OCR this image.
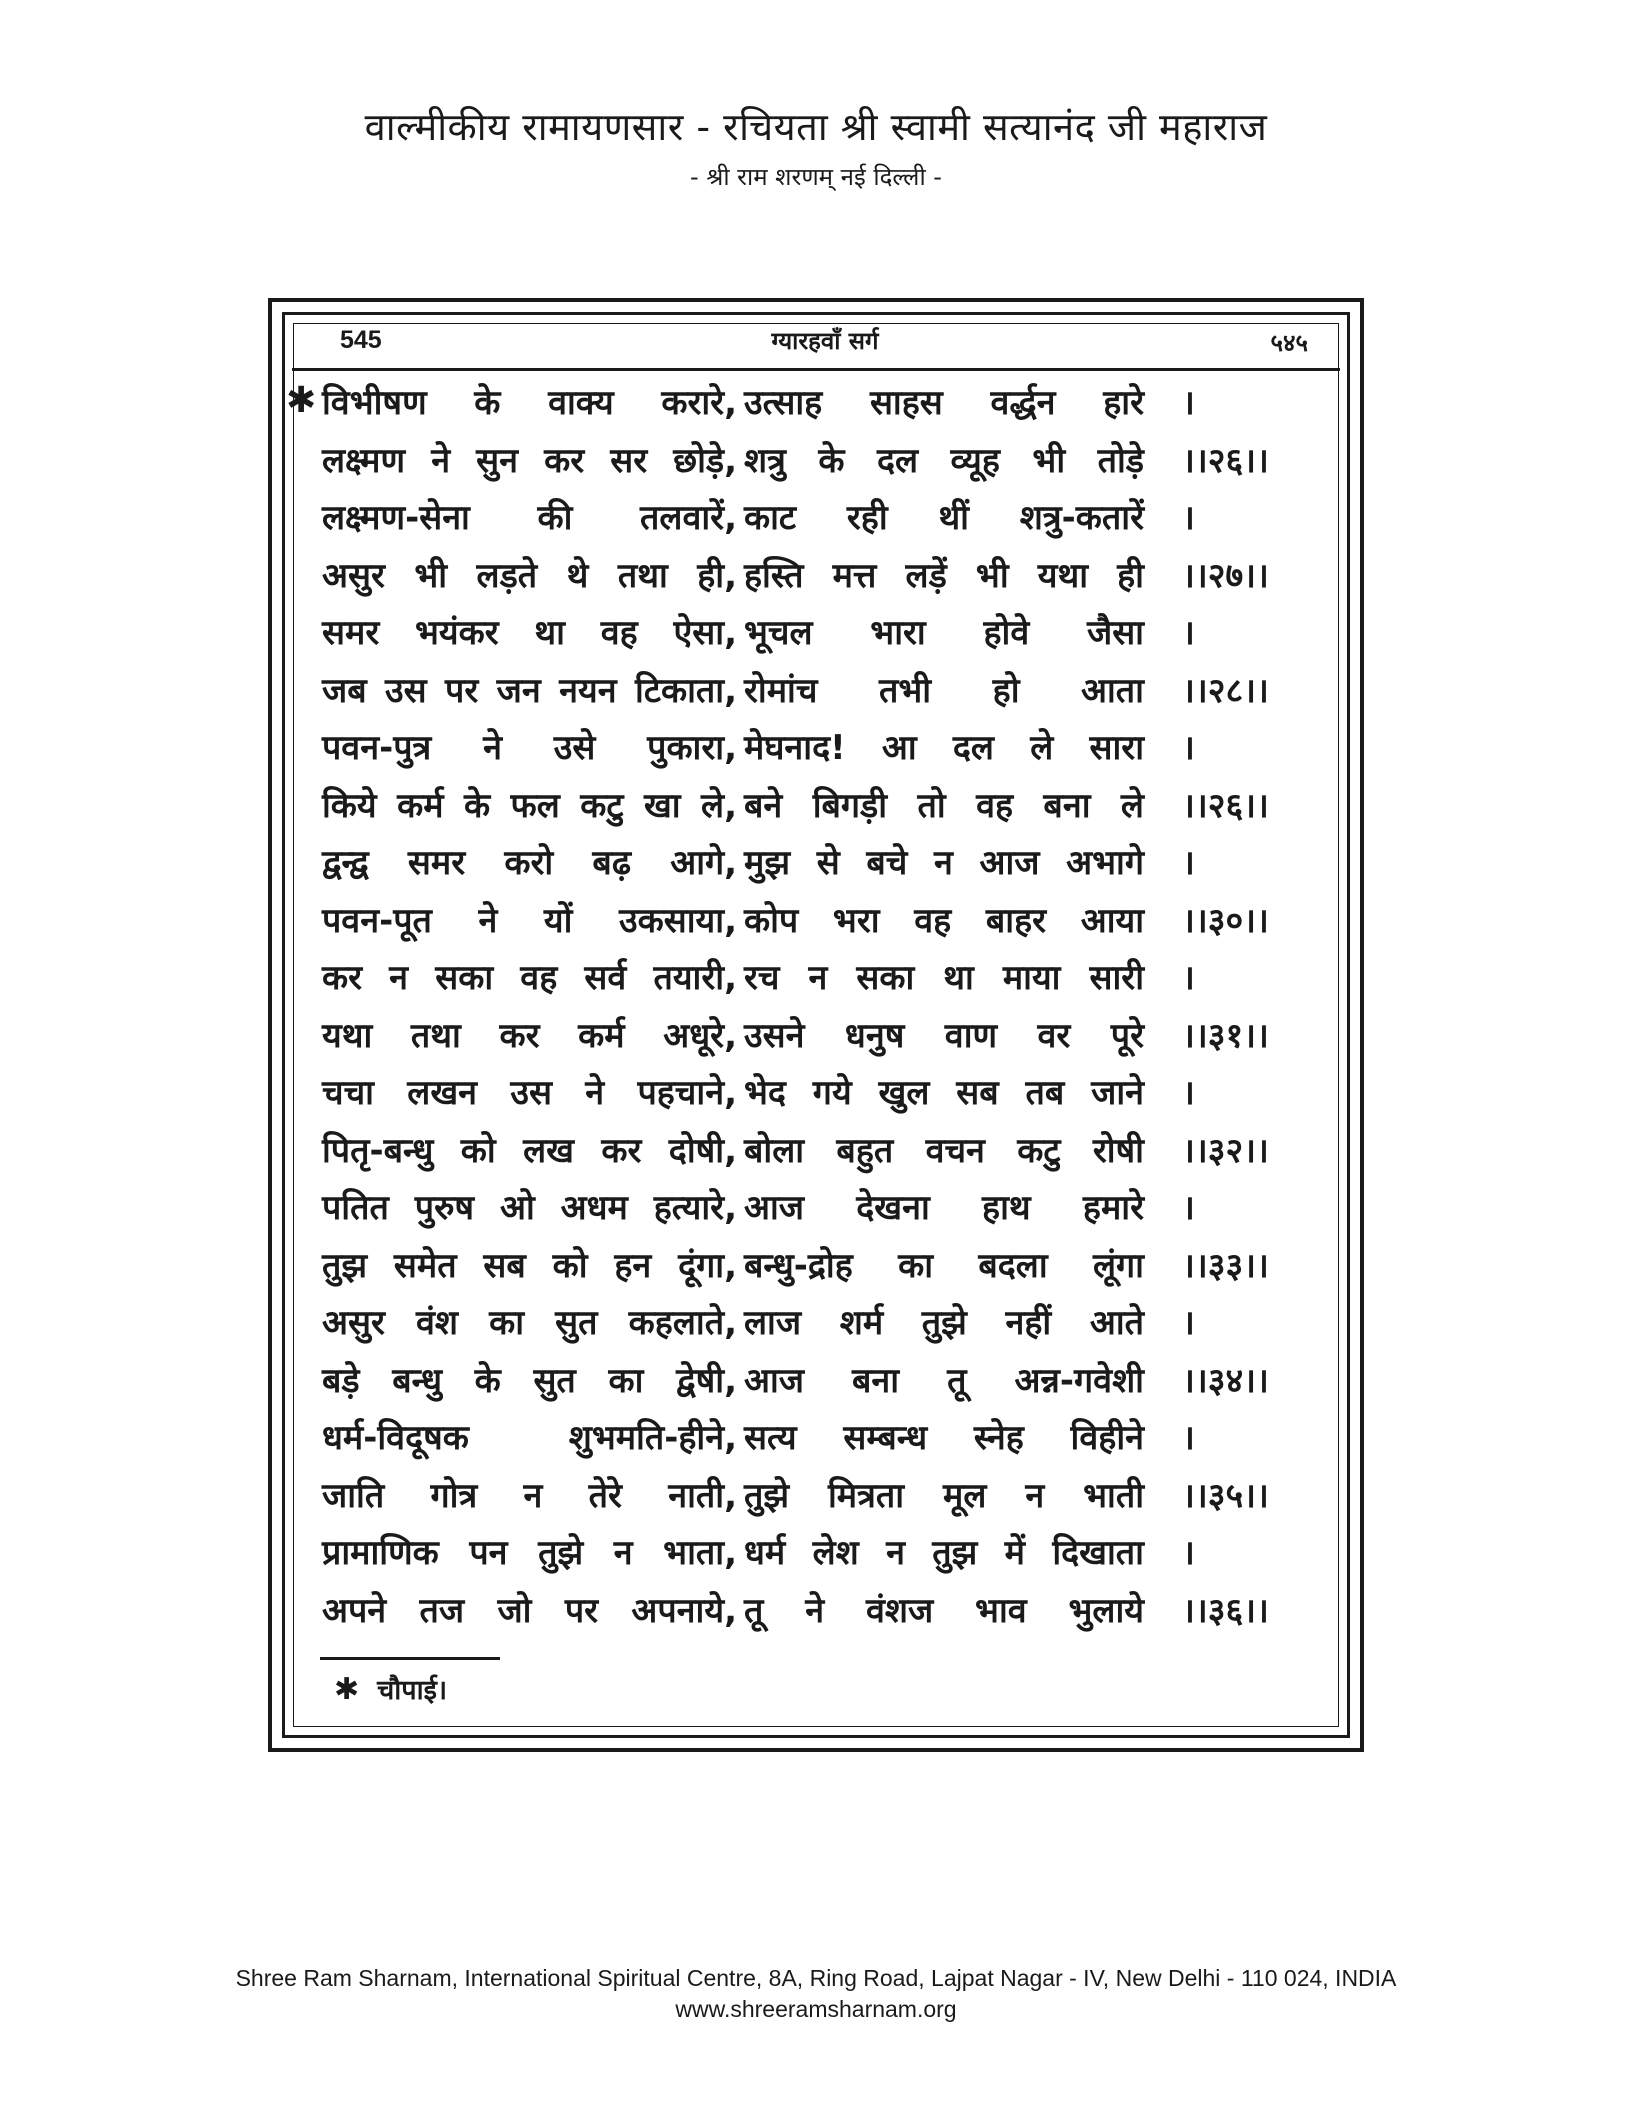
वाल्मीकीय रामायणसार - रचियता श्री स्वामी सत्यानंद जी महाराज
- श्री राम शरणम् नई दिल्ली -
545	ग्यारहवाँ सर्ग	५४५
✱ विभीषण के वाक्य करारे, उत्साह साहस वर्द्धन हारे ।
लक्ष्मण ने सुन कर सर छोड़े, शत्रु के दल व्यूह भी तोड़े ।।२६।।
लक्ष्मण-सेना की तलवारें, काट रही थीं शत्रु-कतारें ।
असुर भी लड़ते थे तथा ही, हस्ति मत्त लड़ें भी यथा ही ।।२७।।
समर भयंकर था वह ऐसा, भूचल भारा होवे जैसा ।
जब उस पर जन नयन टिकाता, रोमांच तभी हो आता ।।२८।।
पवन-पुत्र ने उसे पुकारा, मेघनाद! आ दल ले सारा ।
किये कर्म के फल कटु खा ले, बने बिगड़ी तो वह बना ले ।।२६।।
द्वन्द्व समर करो बढ़ आगे, मुझ से बचे न आज अभागे ।
पवन-पूत ने यों उकसाया, कोप भरा वह बाहर आया ।।३०।।
कर न सका वह सर्व तयारी, रच न सका था माया सारी ।
यथा तथा कर कर्म अधूरे, उसने धनुष वाण वर पूरे ।।३१।।
चचा लखन उस ने पहचाने, भेद गये खुल सब तब जाने ।
पितृ-बन्धु को लख कर दोषी, बोला बहुत वचन कटु रोषी ।।३२।।
पतित पुरुष ओ अधम हत्यारे, आज देखना हाथ हमारे ।
तुझ समेत सब को हन दूंगा, बन्धु-द्रोह का बदला लूंगा ।।३३।।
असुर वंश का सुत कहलाते, लाज शर्म तुझे नहीं आते ।
बड़े बन्धु के सुत का द्वेषी, आज बना तू अन्न-गवेशी ।।३४।।
धर्म-विदूषक शुभमति-हीने, सत्य सम्बन्ध स्नेह विहीने ।
जाति गोत्र न तेरे नाती, तुझे मित्रता मूल न भाती ।।३५।।
प्रामाणिक पन तुझे न भाता, धर्म लेश न तुझ में दिखाता ।
अपने तज जो पर अपनाये, तू ने वंशज भाव भुलाये ।।३६।।
✱ चौपाई।
Shree Ram Sharnam, International Spiritual Centre, 8A, Ring Road, Lajpat Nagar - IV, New Delhi - 110 024, INDIA
www.shreeramsharnam.org
